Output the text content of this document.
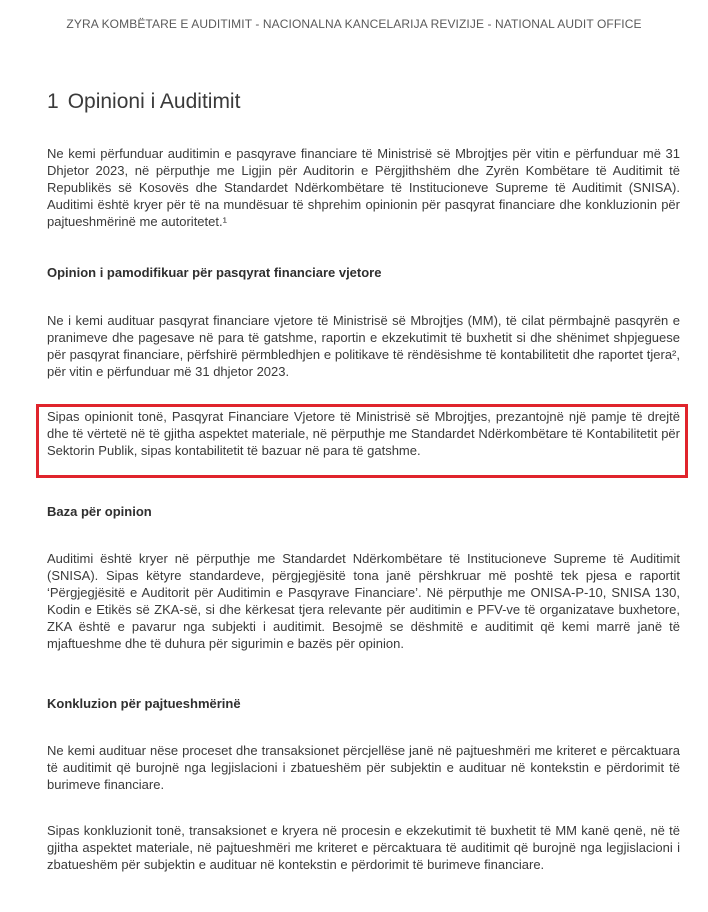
ZYRA KOMBËTARE E AUDITIMIT - NACIONALNA KANCELARIJA REVIZIJE - NATIONAL AUDIT OFFICE
1 Opinioni i Auditimit

Ne kemi përfunduar auditimin e pasqyrave financiare të Ministrisë së Mbrojtjes për vitin e përfunduar më 31 Dhjetor 2023, në përputhje me Ligjin për Auditorin e Përgjithshëm dhe Zyrën Kombëtare të Auditimit të Republikës së Kosovës dhe Standardet Ndërkombëtare të Institucioneve Supreme të Auditimit (SNISA). Auditimi është kryer për të na mundësuar të shprehim opinionin për pasqyrat financiare dhe konkluzionin për pajtueshmërinë me autoritetet.¹

Opinion i pamodifikuar për pasqyrat financiare vjetore

Ne i kemi audituar pasqyrat financiare vjetore të Ministrisë së Mbrojtjes (MM), të cilat përmbajnë pasqyrën e pranimeve dhe pagesave në para të gatshme, raportin e ekzekutimit të buxhetit si dhe shënimet shpjeguese për pasqyrat financiare, përfshirë përmbledhjen e politikave të rëndësishme të kontabilitetit dhe raportet tjera², për vitin e përfunduar më 31 dhjetor 2023.

Sipas opinionit tonë, Pasqyrat Financiare Vjetore të Ministrisë së Mbrojtjes, prezantojnë një pamje të drejtë dhe të vërtetë në të gjitha aspektet materiale, në përputhje me Standardet Ndërkombëtare të Kontabilitetit për Sektorin Publik, sipas kontabilitetit të bazuar në para të gatshme.

Baza për opinion

Auditimi është kryer në përputhje me Standardet Ndërkombëtare të Institucioneve Supreme të Auditimit (SNISA). Sipas këtyre standardeve, përgjegjësitë tona janë përshkruar më poshtë tek pjesa e raportit ‘Përgjegjësitë e Auditorit për Auditimin e Pasqyrave Financiare’. Në përputhje me ONISA-P-10, SNISA 130, Kodin e Etikës së ZKA-së, si dhe kërkesat tjera relevante për auditimin e PFV-ve të organizatave buxhetore, ZKA është e pavarur nga subjekti i auditimit. Besojmë se dëshmitë e auditimit që kemi marrë janë të mjaftueshme dhe të duhura për sigurimin e bazës për opinion.

Konkluzion për pajtueshmërinë

Ne kemi audituar nëse proceset dhe transaksionet përcjellëse janë në pajtueshmëri me kriteret e përcaktuara të auditimit që burojnë nga legjislacioni i zbatueshëm për subjektin e audituar në kontekstin e përdorimit të burimeve financiare.

Sipas konkluzionit tonë, transaksionet e kryera në procesin e ekzekutimit të buxhetit të MM kanë qenë, në të gjitha aspektet materiale, në pajtueshmëri me kriteret e përcaktuara të auditimit që burojnë nga legjislacioni i zbatueshëm për subjektin e audituar në kontekstin e përdorimit të burimeve financiare.
